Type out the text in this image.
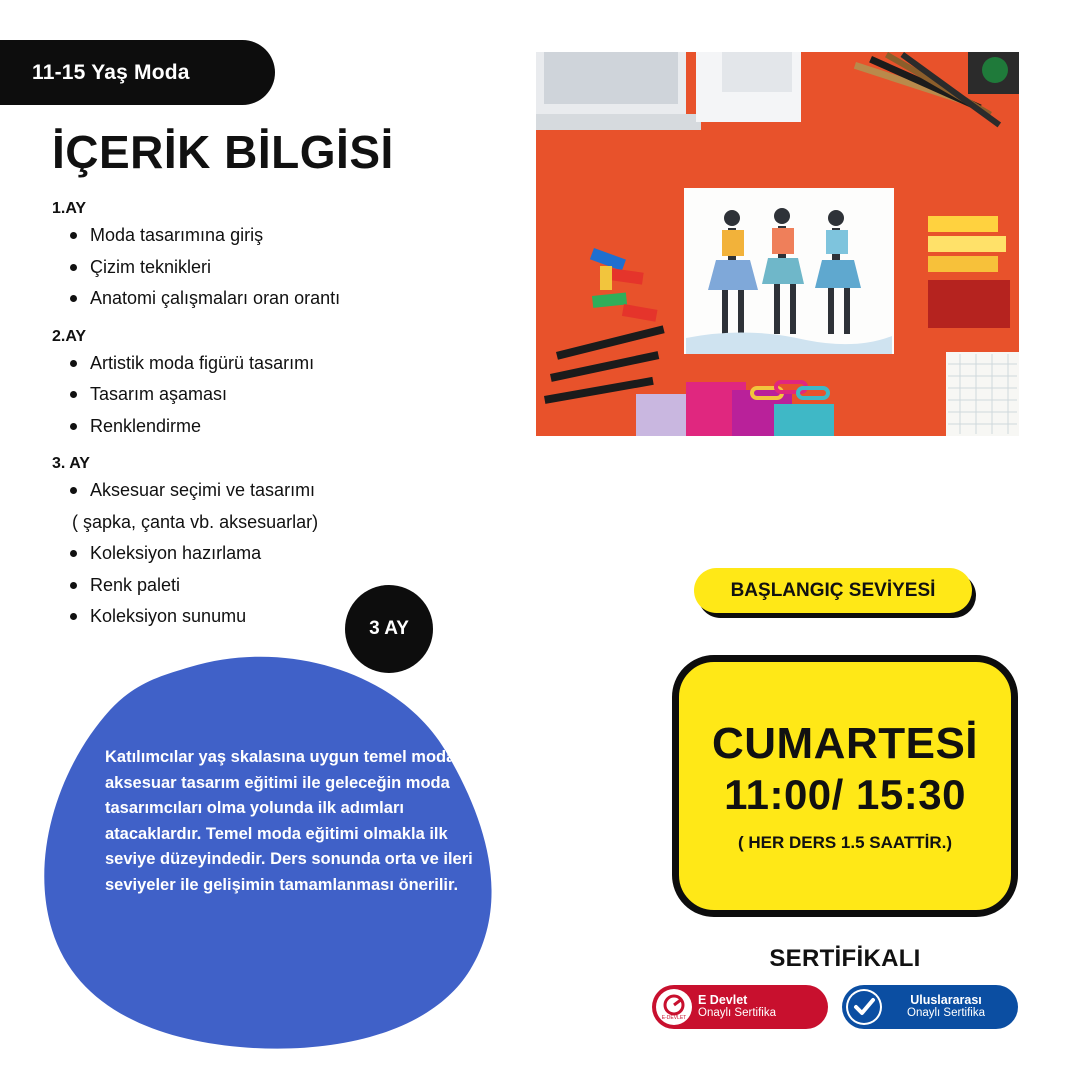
11-15 Yaş Moda
İÇERİK BİLGİSİ
1.AY
Moda tasarımına giriş
Çizim teknikleri
Anatomi çalışmaları oran orantı
2.AY
Artistik moda figürü tasarımı
Tasarım aşaması
Renklendirme
3. AY
Aksesuar seçimi ve tasarımı
( şapka, çanta vb. aksesuarlar)
Koleksiyon hazırlama
Renk paleti
Koleksiyon sunumu
3 AY
Katılımcılar yaş skalasına uygun temel moda ve aksesuar tasarım eğitimi ile geleceğin moda tasarımcıları olma yolunda ilk adımları atacaklardır. Temel moda eğitimi olmakla ilk seviye düzeyindedir. Ders sonunda orta ve ileri seviyeler ile gelişimin tamamlanması önerilir.
BAŞLANGIÇ SEVİYESİ
CUMARTESİ
11:00/ 15:30
( HER DERS 1.5 SAATTİR.)
SERTİFİKALI
E-DEVLET
E Devlet
Onaylı Sertifika
Uluslararası
Onaylı Sertifika
